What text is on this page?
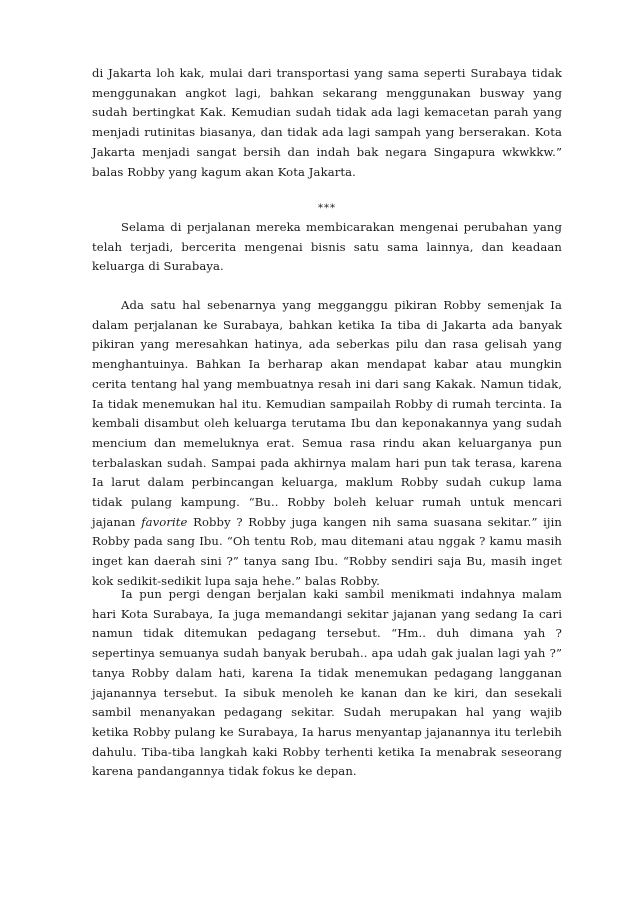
di Jakarta loh kak, mulai dari transportasi yang sama seperti Surabaya tidak menggunakan angkot lagi, bahkan sekarang menggunakan busway yang sudah bertingkat Kak. Kemudian sudah tidak ada lagi kemacetan parah yang menjadi rutinitas biasanya, dan tidak ada lagi sampah yang berserakan. Kota Jakarta menjadi sangat bersih dan indah bak negara Singapura wkwkkw.” balas Robby yang kagum akan Kota Jakarta.

***

Selama di perjalanan mereka membicarakan mengenai perubahan yang telah terjadi, bercerita mengenai bisnis satu sama lainnya, dan keadaan keluarga di Surabaya.

Ada satu hal sebenarnya yang megganggu pikiran Robby semenjak Ia dalam perjalanan ke Surabaya, bahkan ketika Ia tiba di Jakarta ada banyak pikiran yang meresahkan hatinya, ada seberkas pilu dan rasa gelisah yang menghantuinya. Bahkan Ia berharap akan mendapat kabar atau mungkin cerita tentang hal yang membuatnya resah ini dari sang Kakak. Namun tidak, Ia tidak menemukan hal itu. Kemudian sampailah Robby di rumah tercinta. Ia kembali disambut oleh keluarga terutama Ibu dan keponakannya yang sudah mencium dan memeluknya erat. Semua rasa rindu akan keluarganya pun terbalaskan sudah. Sampai pada akhirnya malam hari pun tak terasa, karena Ia larut dalam perbincangan keluarga, maklum Robby sudah cukup lama tidak pulang kampung. “Bu.. Robby boleh keluar rumah untuk mencari jajanan favorite Robby ? Robby juga kangen nih sama suasana sekitar.” ijin Robby pada sang Ibu. “Oh tentu Rob, mau ditemani atau nggak ? kamu masih inget kan daerah sini ?” tanya sang Ibu. “Robby sendiri saja Bu, masih inget kok sedikit-sedikit lupa saja hehe.” balas Robby.

Ia pun pergi dengan berjalan kaki sambil menikmati indahnya malam hari Kota Surabaya, Ia juga memandangi sekitar jajanan yang sedang Ia cari namun tidak ditemukan pedagang tersebut. “Hm.. duh dimana yah ? sepertinya semuanya sudah banyak berubah.. apa udah gak jualan lagi yah ?” tanya Robby dalam hati, karena Ia tidak menemukan pedagang langganan jajanannya tersebut. Ia sibuk menoleh ke kanan dan ke kiri, dan sesekali sambil menanyakan pedagang sekitar. Sudah merupakan hal yang wajib ketika Robby pulang ke Surabaya, Ia harus menyantap jajanannya itu terlebih dahulu. Tiba-tiba langkah kaki Robby terhenti ketika Ia menabrak seseorang karena pandangannya tidak fokus ke depan.
